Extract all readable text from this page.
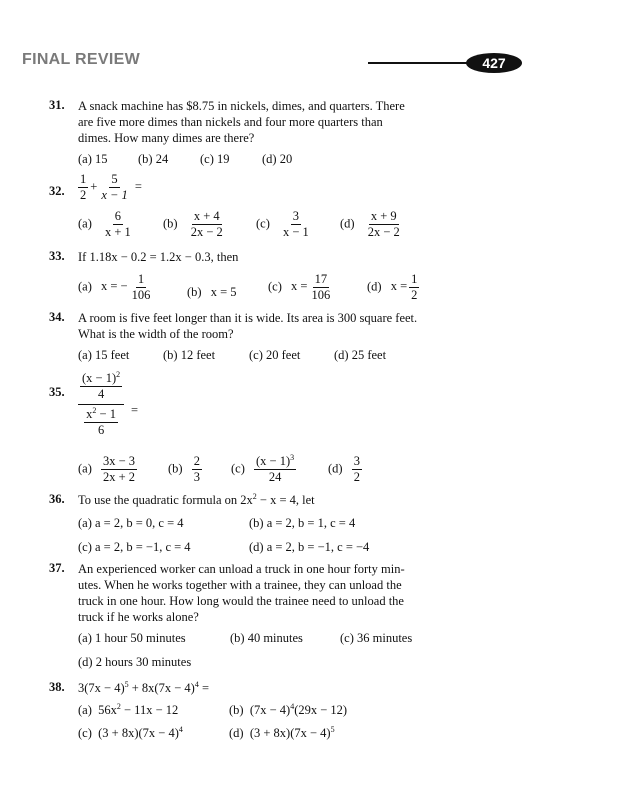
FINAL REVIEW	427
31. A snack machine has $8.75 in nickels, dimes, and quarters. There
are five more dimes than nickels and four more quarters than
dimes. How many dimes are there?
(a) 15 (b) 24	(c) 19	(d) 20
32. $\frac{1}{2} + \frac{5}{x - 1}$ =
$(a) \frac{6}{x + 1} (b) \frac{x + 4}{2x - 2} (c) \frac{3}{x - 1} (d) \frac{x + 9}{2x - 2}$
33. If 1.18x − 0.2 = 1.2x − 0.3, then
(a) x = − $\frac{1}{106}$	(b) x = 5	(c) $x = \frac{17}{106}$	(d) $x = \frac{1}{2}$
34. A room is five feet longer than it is wide. Its area is 300 square feet.
What is the width of the room?
(a) 15 feet	(b) 12 feet	(c) 20 feet	(d) 25 feet
35. $\frac{\frac{(x - 1)^2}{4}}{\frac{x^2 - 1}{6}}$ =
$(a) \frac{3x - 3}{2x + 2} (b) \frac{2}{3} (c) \frac{(x - 1)^3}{24}$	$(d) \frac{3}{2}$
36. To use the quadratic formula on $2x^2 - x = 4$, let
(a) a = 2, b = 0, c = 4	(b) a = 2, b = 1, c = 4
(c) a = 2, b = −1, c = 4	(d) a = 2, b = −1, c = −4
37. An experienced worker can unload a truck in one hour forty min-
utes. When he works together with a trainee, they can unload the
truck in one hour. How long would the trainee need to unload the
truck if he works alone?
(a) 1 hour 50 minutes	(b) 40 minutes	(c) 36 minutes
(d) 2 hours 30 minutes
38. $3(7x - 4)^5 + 8x(7x - 4)^4$ =
(a) $56x^2 - 11x - 12$	(b) $(7x - 4)^4(29x - 12)$
(c) $(3 + 8x)(7x - 4)^4$	(d) $(3 + 8x)(7x - 4)^5$
